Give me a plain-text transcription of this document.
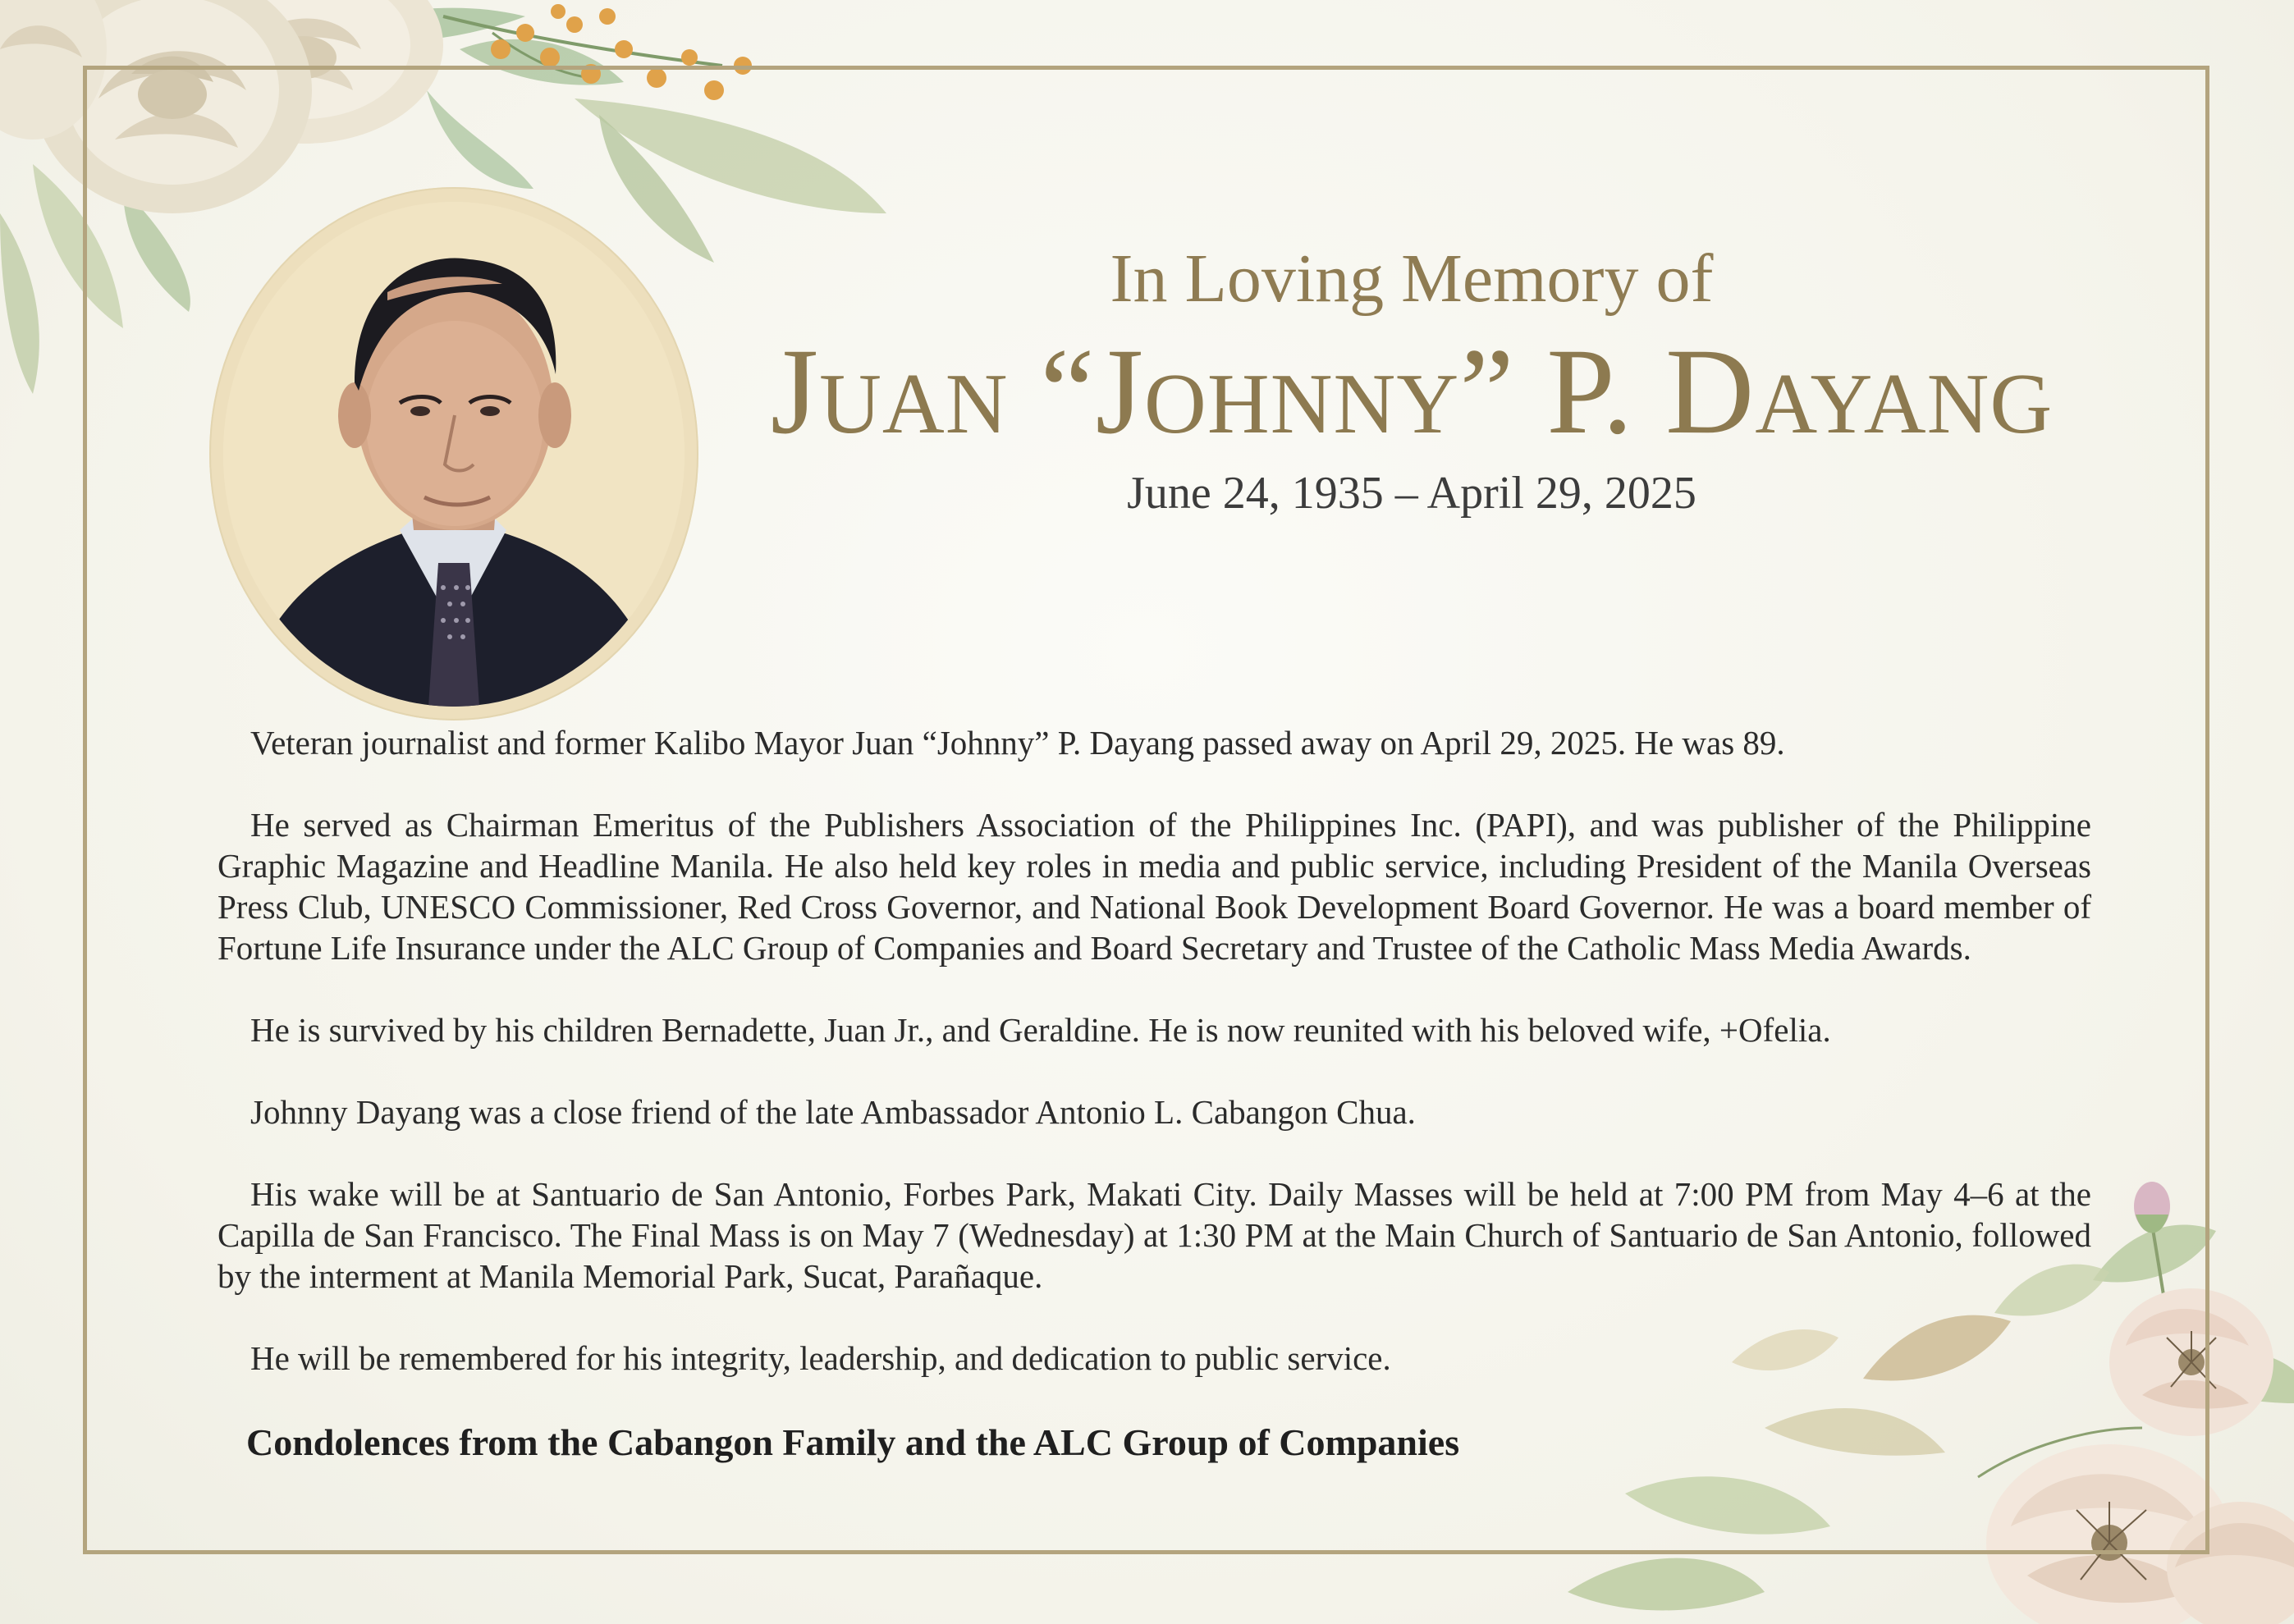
In Loving Memory of

Juan “Johnny” P. Dayang

June 24, 1935 – April 29, 2025

Veteran journalist and former Kalibo Mayor Juan “Johnny” P. Dayang passed away on April 29, 2025. He was 89.

He served as Chairman Emeritus of the Publishers Association of the Philippines Inc. (PAPI), and was publisher of the Philippine Graphic Magazine and Headline Manila. He also held key roles in media and public service, including President of the Manila Overseas Press Club, UNESCO Commissioner, Red Cross Governor, and National Book Development Board Governor. He was a board member of Fortune Life Insurance under the ALC Group of Companies and Board Secretary and Trustee of the Catholic Mass Media Awards.

He is survived by his children Bernadette, Juan Jr., and Geraldine. He is now reunited with his beloved wife, +Ofelia.

Johnny Dayang was a close friend of the late Ambassador Antonio L. Cabangon Chua.

His wake will be at Santuario de San Antonio, Forbes Park, Makati City. Daily Masses will be held at 7:00 PM from May 4–6 at the Capilla de San Francisco. The Final Mass is on May 7 (Wednesday) at 1:30 PM at the Main Church of Santuario de San Antonio, followed by the interment at Manila Memorial Park, Sucat, Parañaque.

He will be remembered for his integrity, leadership, and dedication to public service.

Condolences from the Cabangon Family and the ALC Group of Companies
